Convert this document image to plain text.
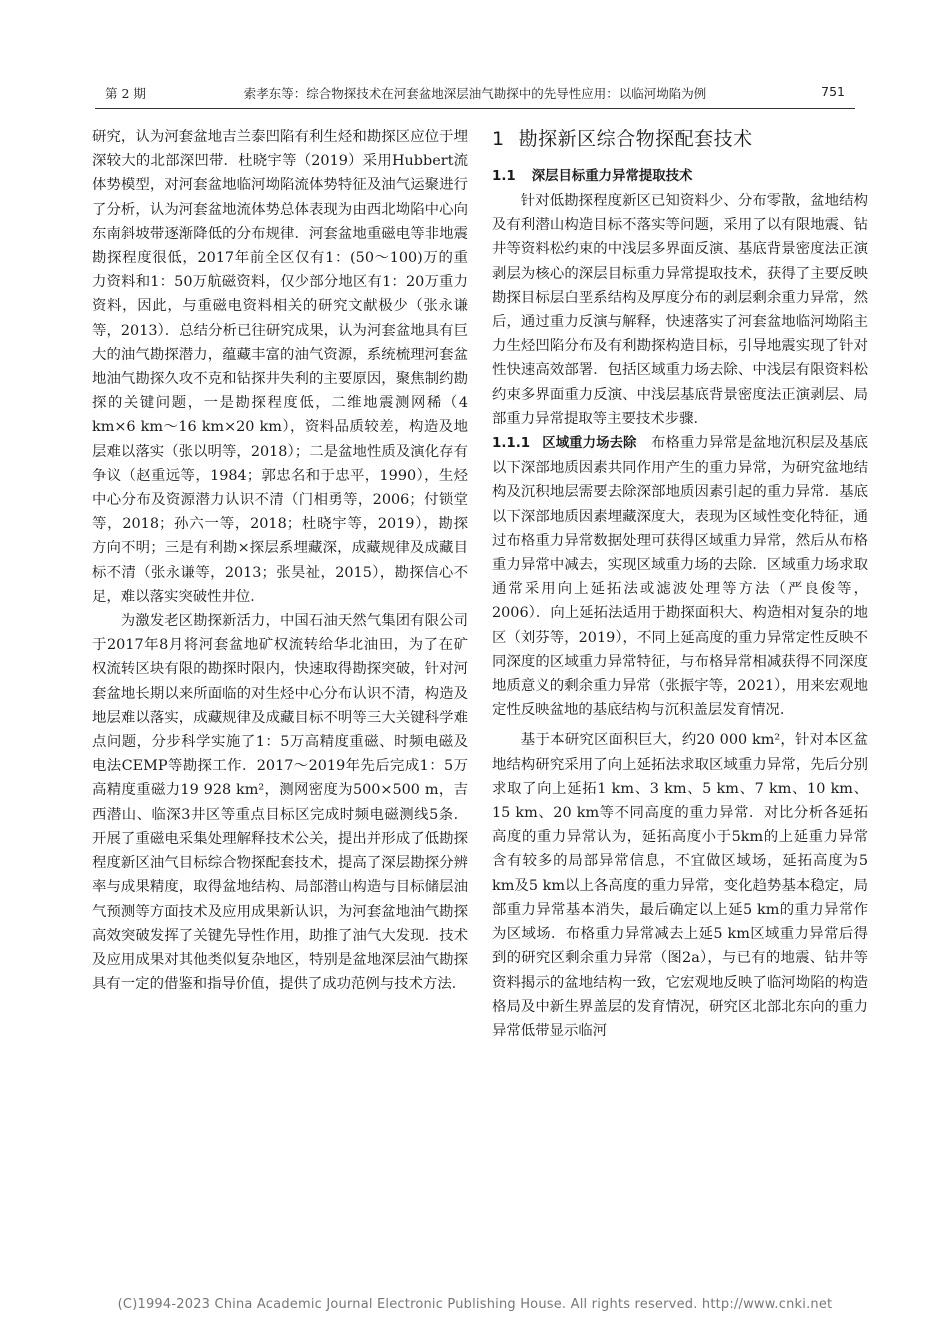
第 2 期	索孝东等：综合物探技术在河套盆地深层油气勘探中的先导性应用：以临河坳陷为例	751

研究，认为河套盆地吉兰泰凹陷有利生烃和勘探区应位于埋深较大的北部深凹带．杜晓宇等（2019）采用Hubbert流体势模型，对河套盆地临河坳陷流体势特征及油气运聚进行了分析，认为河套盆地流体势总体表现为由西北坳陷中心向东南斜坡带逐渐降低的分布规律．河套盆地重磁电等非地震勘探程度很低，2017年前全区仅有1：(50～100)万的重力资料和1：50万航磁资料，仅少部分地区有1：20万重力资料，因此，与重磁电资料相关的研究文献极少（张永谦等，2013）．总结分析已往研究成果，认为河套盆地具有巨大的油气勘探潜力，蕴藏丰富的油气资源，系统梳理河套盆地油气勘探久攻不克和钻探井失利的主要原因，聚焦制约勘探的关键问题，一是勘探程度低，二维地震测网稀（4 km×6 km～16 km×20 km），资料品质较差，构造及地层难以落实（张以明等，2018）；二是盆地性质及演化存有争议（赵重远等，1984；郭忠名和于忠平，1990），生烃中心分布及资源潜力认识不清（门相勇等，2006；付锁堂等，2018；孙六一等，2018；杜晓宇等，2019），勘探方向不明；三是有利勘×探层系埋藏深，成藏规律及成藏目标不清（张永谦等，2013；张昊祉，2015），勘探信心不足，难以落实突破性井位．

为激发老区勘探新活力，中国石油天然气集团有限公司于2017年8月将河套盆地矿权流转给华北油田，为了在矿权流转区块有限的勘探时限内，快速取得勘探突破，针对河套盆地长期以来所面临的对生烃中心分布认识不清，构造及地层难以落实，成藏规律及成藏目标不明等三大关键科学难点问题，分步科学实施了1：5万高精度重磁、时频电磁及电法CEMP等勘探工作．2017～2019年先后完成1：5万高精度重磁力19 928 km²，测网密度为500×500 m，吉西潜山、临深3井区等重点目标区完成时频电磁测线5条．开展了重磁电采集处理解释技术公关，提出并形成了低勘探程度新区油气目标综合物探配套技术，提高了深层勘探分辨率与成果精度，取得盆地结构、局部潜山构造与目标储层油气预测等方面技术及应用成果新认识，为河套盆地油气勘探高效突破发挥了关键先导性作用，助推了油气大发现．技术及应用成果对其他类似复杂地区，特别是盆地深层油气勘探具有一定的借鉴和指导价值，提供了成功范例与技术方法．

1 勘探新区综合物探配套技术
1.1 深层目标重力异常提取技术

针对低勘探程度新区已知资料少、分布零散，盆地结构及有利潜山构造目标不落实等问题，采用了以有限地震、钻井等资料松约束的中浅层多界面反演、基底背景密度法正演剥层为核心的深层目标重力异常提取技术，获得了主要反映勘探目标层白垩系结构及厚度分布的剥层剩余重力异常，然后，通过重力反演与解释，快速落实了河套盆地临河坳陷主力生烃凹陷分布及有利勘探构造目标，引导地震实现了针对性快速高效部署．包括区域重力场去除、中浅层有限资料松约束多界面重力反演、中浅层基底背景密度法正演剥层、局部重力异常提取等主要技术步骤．

1.1.1 区域重力场去除　 布格重力异常是盆地沉积层及基底以下深部地质因素共同作用产生的重力异常，为研究盆地结构及沉积地层需要去除深部地质因素引起的重力异常．基底以下深部地质因素埋藏深度大，表现为区域性变化特征，通过布格重力异常数据处理可获得区域重力异常，然后从布格重力异常中减去，实现区域重力场的去除．区域重力场求取通常采用向上延拓法或滤波处理等方法（严良俊等，2006）．向上延拓法适用于勘探面积大、构造相对复杂的地区（刘芬等，2019），不同上延高度的重力异常定性反映不同深度的区域重力异常特征，与布格异常相减获得不同深度地质意义的剩余重力异常（张振宇等，2021），用来宏观地定性反映盆地的基底结构与沉积盖层发育情况．

基于本研究区面积巨大，约20 000 km²，针对本区盆地结构研究采用了向上延拓法求取区域重力异常，先后分别求取了向上延拓1 km、3 km、5 km、7 km、10 km、15 km、20 km等不同高度的重力异常．对比分析各延拓高度的重力异常认为，延拓高度小于5km的上延重力异常含有较多的局部异常信息，不宜做区域场，延拓高度为5 km及5 km以上各高度的重力异常，变化趋势基本稳定，局部重力异常基本消失，最后确定以上延5 km的重力异常作为区域场．布格重力异常减去上延5 km区域重力异常后得到的研究区剩余重力异常（图2a），与已有的地震、钻井等资料揭示的盆地结构一致，它宏观地反映了临河坳陷的构造格局及中新生界盖层的发育情况，研究区北部北东向的重力异常低带显示临河

(C)1994-2023 China Academic Journal Electronic Publishing House. All rights reserved. http://www.cnki.net
